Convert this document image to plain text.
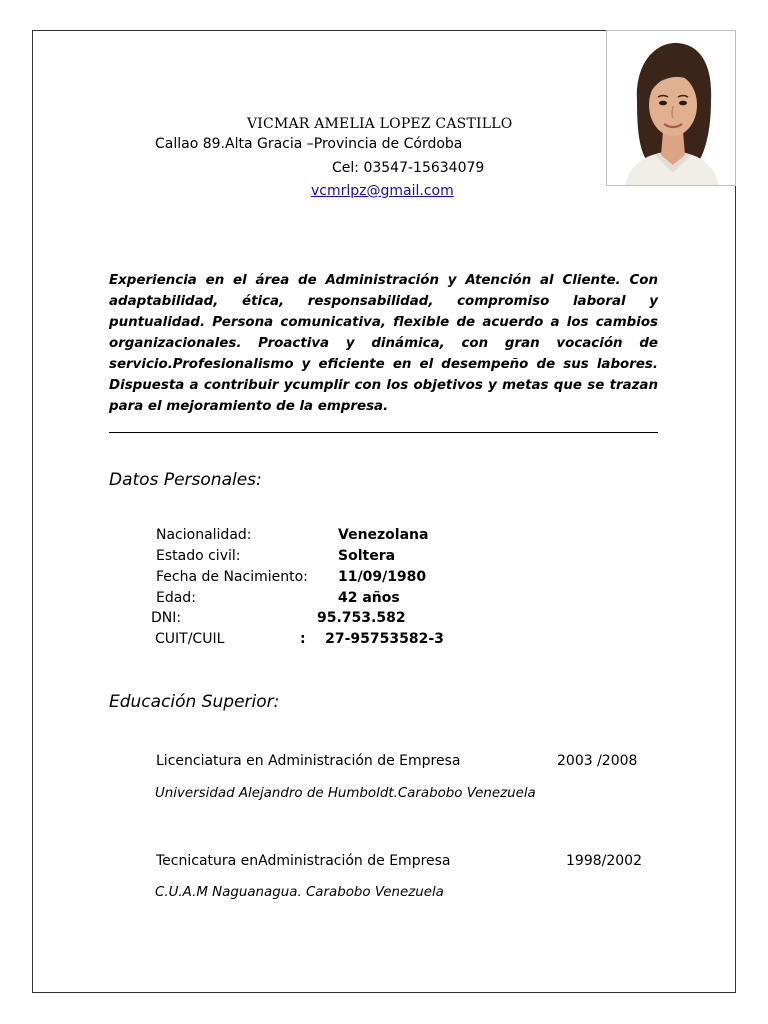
VICMAR AMELIA LOPEZ CASTILLO
Callao 89.Alta Gracia –Provincia de Córdoba
Cel: 03547-15634079
vcmrlpz@gmail.com
Experiencia en el área de Administración y Atención al Cliente. Con adaptabilidad, ética, responsabilidad, compromiso laboral y puntualidad. Persona comunicativa, flexible de acuerdo a los cambios organizacionales. Proactiva y dinámica, con gran vocación de servicio.Profesionalismo y eficiente en el desempeño de sus labores. Dispuesta a contribuir ycumplir con los objetivos y metas que se trazan para el mejoramiento de la empresa.
Datos Personales:
Nacionalidad:	Venezolana
Estado civil:	Soltera
Fecha de Nacimiento: 11/09/1980
Edad:	42 años
DNI:	95.753.582
CUIT/CUIL	:    27-95753582-3
Educación Superior:
Licenciatura en Administración de Empresa	2003 /2008
Universidad Alejandro de Humboldt.Carabobo Venezuela
Tecnicatura enAdministración de Empresa	1998/2002
C.U.A.M Naguanagua. Carabobo Venezuela
